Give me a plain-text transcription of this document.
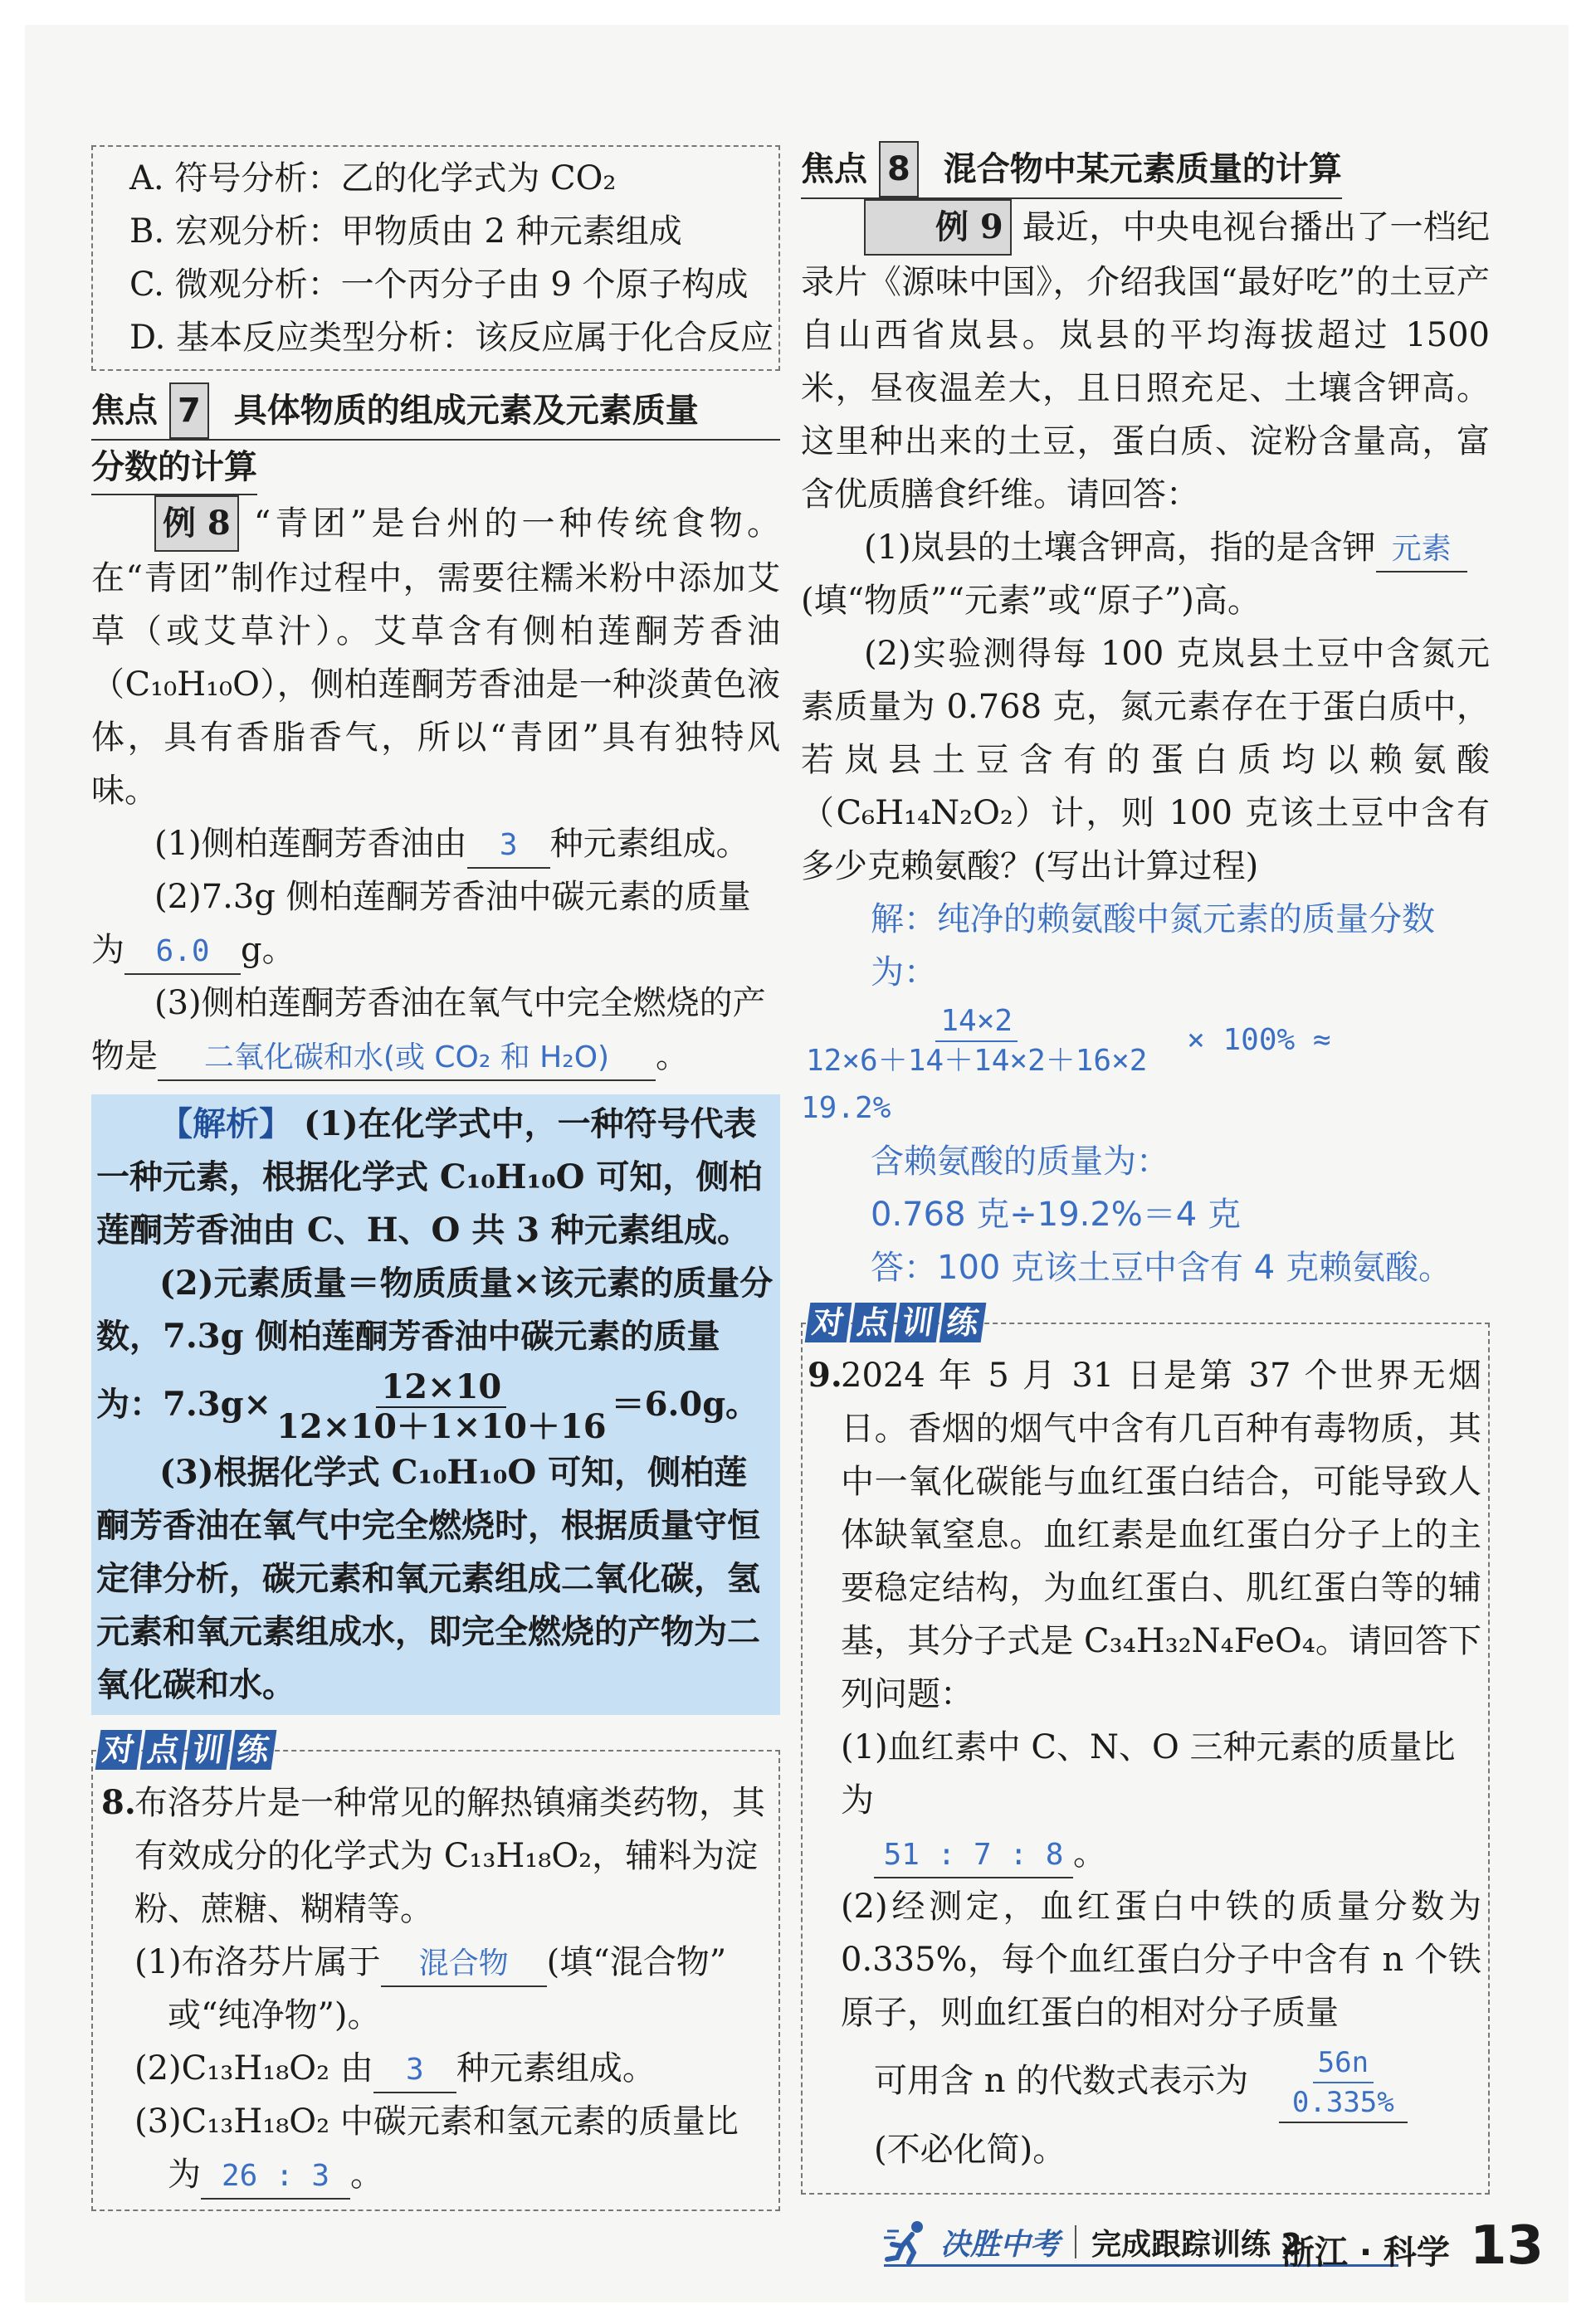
A. 符号分析：乙的化学式为 CO₂

B. 宏观分析：甲物质由 2 种元素组成

C. 微观分析：一个丙分子由 9 个原子构成

D. 基本反应类型分析：该反应属于化合反应

焦点 7 具体物质的组成元素及元素质量

分数的计算

例 8 “青团”是台州的一种传统食物。在“青团”制作过程中，需要往糯米粉中添加艾草（或艾草汁）。艾草含有侧柏莲酮芳香油（C₁₀H₁₀O），侧柏莲酮芳香油是一种淡黄色液体，具有香脂香气，所以“青团”具有独特风味。

(1)侧柏莲酮芳香油由 3 种元素组成。

(2)7.3g 侧柏莲酮芳香油中碳元素的质量为 6.0 g。

(3)侧柏莲酮芳香油在氧气中完全燃烧的产物是 二氧化碳和水(或 CO₂ 和 H₂O) 。

【解析】 (1)在化学式中，一种符号代表一种元素，根据化学式 C₁₀H₁₀O 可知，侧柏莲酮芳香油由 C、H、O 共 3 种元素组成。

(2)元素质量＝物质质量×该元素的质量分数，7.3g 侧柏莲酮芳香油中碳元素的质量

为：$7.3g\times \frac{12\times 10}{12\times 10+1\times 10+16} =6.0g$。

(3)根据化学式 C₁₀H₁₀O 可知，侧柏莲酮芳香油在氧气中完全燃烧时，根据质量守恒定律分析，碳元素和氧元素组成二氧化碳，氢元素和氧元素组成水，即完全燃烧的产物为二氧化碳和水。

对 点 训 练
8.

布洛芬片是一种常见的解热镇痛类药物，其有效成分的化学式为 C₁₃H₁₈O₂，辅料为淀粉、蔗糖、糊精等。

(1)布洛芬片属于 混合物 (填“混合物”

或“纯净物”)。

(2)C₁₃H₁₈O₂ 由 3 种元素组成。

(3)C₁₃H₁₈O₂ 中碳元素和氢元素的质量比

为 26 : 3 。

焦点 8 混合物中某元素质量的计算

例 9 最近，中央电视台播出了一档纪录片《源味中国》，介绍我国“最好吃”的土豆产自山西省岚县。岚县的平均海拔超过 1500 米，昼夜温差大，且日照充足、土壤含钾高。这里种出来的土豆，蛋白质、淀粉含量高，富含优质膳食纤维。请回答：

(1)岚县的土壤含钾高，指的是含钾 元素(填“物质”“元素”或“原子”)高。

(2)实验测得每 100 克岚县土豆中含氮元素质量为 0.768 克，氮元素存在于蛋白质中，若岚县土豆含有的蛋白质均以赖氨酸（C₆H₁₄N₂O₂）计，则 100 克该土豆中含有多少克赖氨酸？(写出计算过程)

解：纯净的赖氨酸中氮元素的质量分数为：

$\frac{14\times 2}{12\times 6+14+14\times 2+16\times 2} \times 100\%$ ≈

19.2%

含赖氨酸的质量为：

0.768 克÷19.2%＝4 克

答：100 克该土豆中含有 4 克赖氨酸。

对 点 训 练
9.

2024 年 5 月 31 日是第 37 个世界无烟日。香烟的烟气中含有几百种有毒物质，其中一氧化碳能与血红蛋白结合，可能导致人体缺氧窒息。血红素是血红蛋白分子上的主要稳定结构，为血红蛋白、肌红蛋白等的辅基，其分子式是 C₃₄H₃₂N₄FeO₄。请回答下列问题：

(1)血红素中 C、N、O 三种元素的质量比为

51 : 7 : 8 。

(2)经测定，血红蛋白中铁的质量分数为 0.335%，每个血红蛋白分子中含有 n 个铁原子，则血红蛋白的相对分子质量

可用含 n 的代数式表示为 $\frac{56n}{0.335\%}$

(不必化简)。

决胜中考 完成跟踪训练 2
浙江 · 科学 13
